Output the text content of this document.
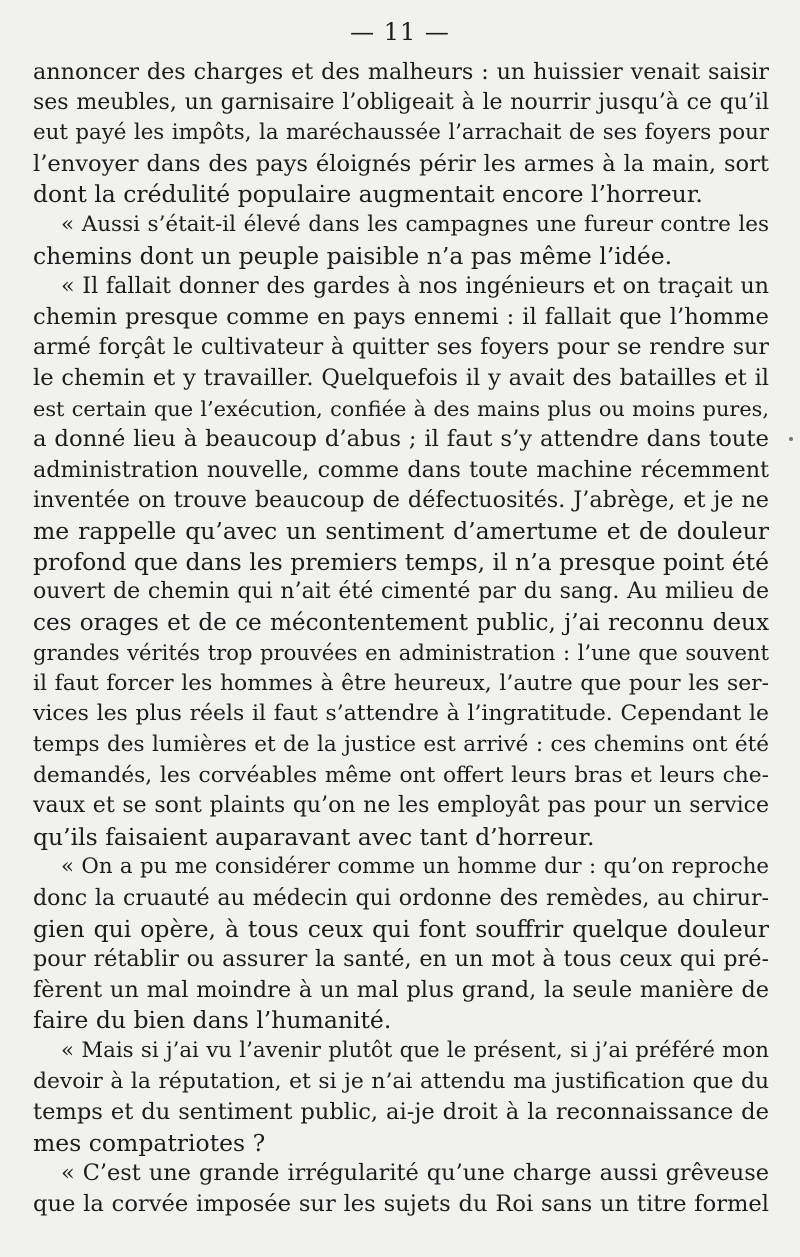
— 11 —
annoncer des charges et des malheurs : un huissier venait saisir
ses meubles, un garnisaire l’obligeait à le nourrir jusqu’à ce qu’il
eut payé les impôts, la maréchaussée l’arrachait de ses foyers pour
l’envoyer dans des pays éloignés périr les armes à la main, sort
dont la crédulité populaire augmentait encore l’horreur.
« Aussi s’était-il élevé dans les campagnes une fureur contre les
chemins dont un peuple paisible n’a pas même l’idée.
« Il fallait donner des gardes à nos ingénieurs et on traçait un
chemin presque comme en pays ennemi : il fallait que l’homme
armé forçât le cultivateur à quitter ses foyers pour se rendre sur
le chemin et y travailler. Quelquefois il y avait des batailles et il
est certain que l’exécution, confiée à des mains plus ou moins pures,
a donné lieu à beaucoup d’abus ; il faut s’y attendre dans toute
administration nouvelle, comme dans toute machine récemment
inventée on trouve beaucoup de défectuosités. J’abrège, et je ne
me rappelle qu’avec un sentiment d’amertume et de douleur
profond que dans les premiers temps, il n’a presque point été
ouvert de chemin qui n’ait été cimenté par du sang. Au milieu de
ces orages et de ce mécontentement public, j’ai reconnu deux
grandes vérités trop prouvées en administration : l’une que souvent
il faut forcer les hommes à être heureux, l’autre que pour les ser-
vices les plus réels il faut s’attendre à l’ingratitude. Cependant le
temps des lumières et de la justice est arrivé : ces chemins ont été
demandés, les corvéables même ont offert leurs bras et leurs che-
vaux et se sont plaints qu’on ne les employât pas pour un service
qu’ils faisaient auparavant avec tant d’horreur.
« On a pu me considérer comme un homme dur : qu’on reproche
donc la cruauté au médecin qui ordonne des remèdes, au chirur-
gien qui opère, à tous ceux qui font souffrir quelque douleur
pour rétablir ou assurer la santé, en un mot à tous ceux qui pré-
fèrent un mal moindre à un mal plus grand, la seule manière de
faire du bien dans l’humanité.
« Mais si j’ai vu l’avenir plutôt que le présent, si j’ai préféré mon
devoir à la réputation, et si je n’ai attendu ma justification que du
temps et du sentiment public, ai-je droit à la reconnaissance de
mes compatriotes ?
« C’est une grande irrégularité qu’une charge aussi grêveuse
que la corvée imposée sur les sujets du Roi sans un titre formel
